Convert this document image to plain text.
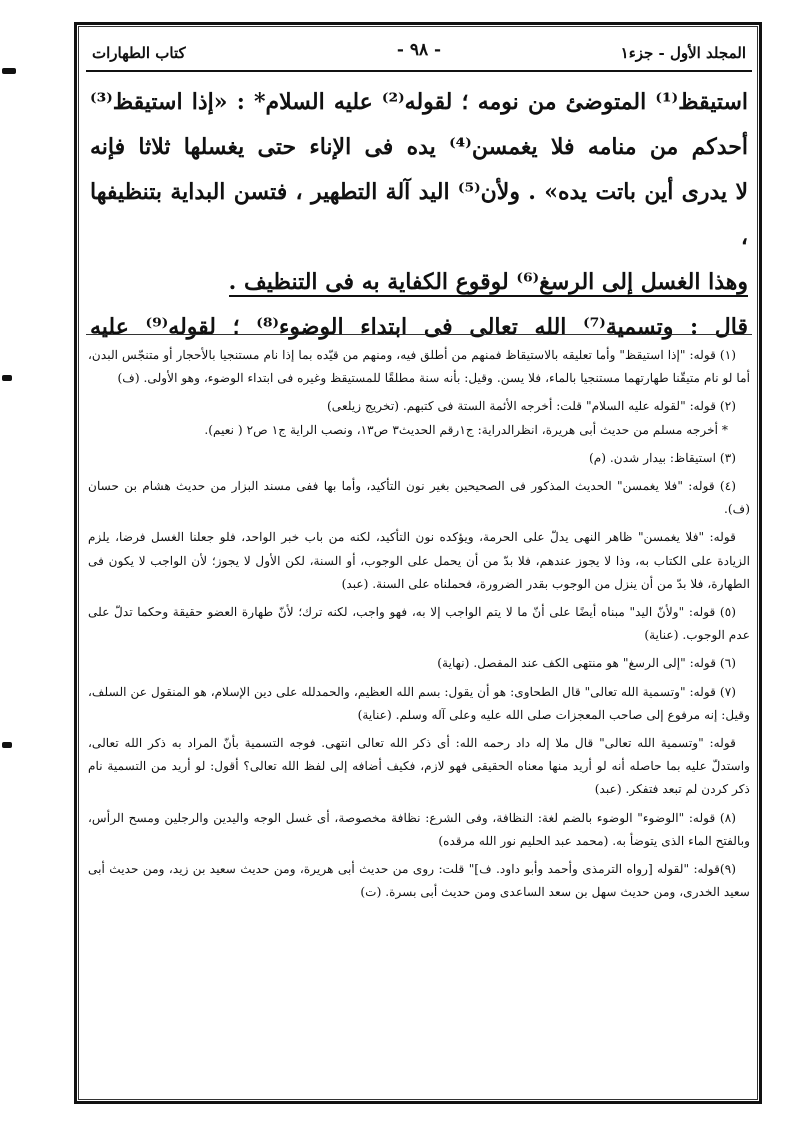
المجلد الأول - جزء١
- ٩٨ -
كتاب الطهارات

استيقظ⁽¹⁾ المتوضئ من نومه ؛ لقوله⁽²⁾ عليه السلام* : «إذا استيقظ⁽³⁾

أحدكم من منامه فلا يغمسن⁽⁴⁾ يده فى الإناء حتى يغسلها ثلاثا فإنه

لا يدرى أين باتت يده» . ولأن⁽⁵⁾ اليد آلة التطهير ، فتسن البداية بتنظيفها ،

وهذا الغسل إلى الرسغ⁽⁶⁾ لوقوع الكفاية به فى التنظيف .

قال : وتسمية⁽⁷⁾ الله تعالى فى ابتداء الوضوء⁽⁸⁾ ؛ لقوله⁽⁹⁾ عليه

(١) قوله: "إذا استيقظ" وأما تعليقه بالاستيقاظ فمنهم من أطلق فيه، ومنهم من قيّده بما إذا نام مستنجيا بالأحجار أو متنجّس البدن، أما لو نام متيقّنا طهارتهما مستنجيا بالماء، فلا يسن. وقيل: بأنه سنة مطلقًا للمستيقظ وغيره فى ابتداء الوضوء، وهو الأولى. (ف)
(٢) قوله: "لقوله عليه السلام" قلت: أخرجه الأئمة الستة فى كتبهم. (تخريج زيلعى)
* أخرجه مسلم من حديث أبى هريرة، انظرالدراية: ج١رقم الحديث٣ ص١٣، ونصب الراية ج١ ص٢ ( نعيم).
(٣) استيقاظ: بيدار شدن. (م)
(٤) قوله: "فلا يغمسن" الحديث المذكور فى الصحيحين بغير نون التأكيد، وأما بها ففى مسند البزار من حديث هشام بن حسان (ف).
قوله: "فلا يغمسن" ظاهر النهى يدلّ على الحرمة، ويؤكده نون التأكيد، لكنه من باب خبر الواحد، فلو جعلنا الغسل فرضا، يلزم الزيادة على الكتاب به، وذا لا يجوز عندهم، فلا بدّ من أن يحمل على الوجوب، أو السنة، لكن الأول لا يجوز؛ لأن الواجب لا يكون فى الطهارة، فلا بدّ من أن ينزل من الوجوب بقدر الضرورة، فحملناه على السنة. (عبد)
(٥) قوله: "ولأنّ اليد" مبناه أيضًا على أنّ ما لا يتم الواجب إلا به، فهو واجب، لكنه ترك؛ لأنّ طهارة العضو حقيقة وحكما تدلّ على عدم الوجوب. (عناية)
(٦) قوله: "إلى الرسغ" هو منتهى الكف عند المفصل. (نهاية)
(٧) قوله: "وتسمية الله تعالى" قال الطحاوى: هو أن يقول: بسم الله العظيم، والحمدلله على دين الإسلام، هو المنقول عن السلف، وقيل: إنه مرفوع إلى صاحب المعجزات صلى الله عليه وعلى آله وسلم. (عناية)
قوله: "وتسمية الله تعالى" قال ملا إله داد رحمه الله: أى ذكر الله تعالى انتهى. فوجه التسمية بأنّ المراد به ذكر الله تعالى، واستدلّ عليه بما حاصله أنه لو أريد منها معناه الحقيقى فهو لازم، فكيف أضافه إلى لفظ الله تعالى؟ أقول: لو أريد من التسمية نام ذكر كردن لم تبعد فتفكر. (عبد)
(٨) قوله: "الوضوء" الوضوء بالضم لغة: النظافة، وفى الشرع: نظافة مخصوصة، أى غسل الوجه واليدين والرجلين ومسح الرأس، وبالفتح الماء الذى يتوضأ به. (محمد عبد الحليم نور الله مرقده)
(٩)قوله: "لقوله [رواه الترمذى وأحمد وأبو داود. ف]" قلت: روى من حديث أبى هريرة، ومن حديث سعيد بن زيد، ومن حديث أبى سعيد الخدرى، ومن حديث سهل بن سعد الساعدى ومن حديث أبى بسرة. (ت)
